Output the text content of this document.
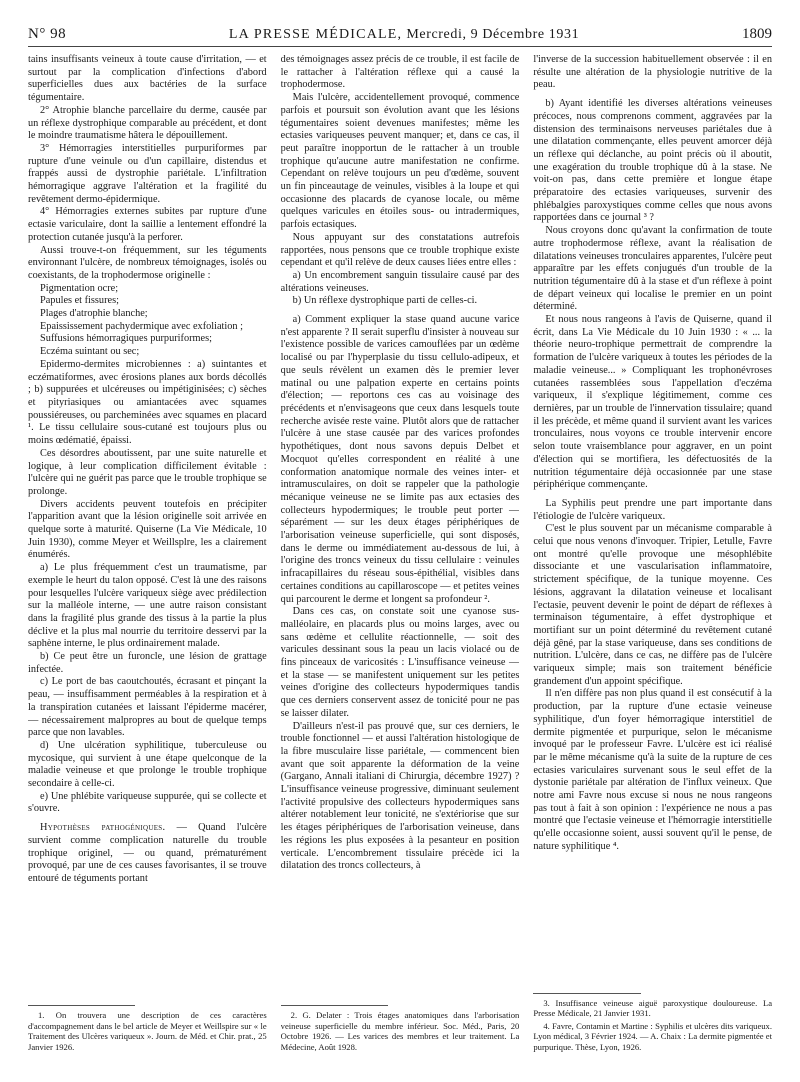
N° 98	LA PRESSE MÉDICALE, Mercredi, 9 Décembre 1931	1809

tains insuffisants veineux à toute cause d'irritation, — et surtout par la complication d'infections d'abord superficielles dues aux bactéries de la surface tégumentaire.

2° Atrophie blanche parcellaire du derme, causée par un réflexe dystrophique comparable au précédent, et dont le moindre traumatisme hâtera le dépouillement.

3° Hémorragies interstitielles purpuriformes par rupture d'une veinule ou d'un capillaire, distendus et frappés aussi de dystrophie pariétale. L'infiltration hémorragique aggrave l'altération et la fragilité du revêtement dermo-épidermique.

4° Hémorragies externes subites par rupture d'une ectasie variculaire, dont la saillie a lentement effondré la protection cutanée jusqu'à la perforer.

Aussi trouve-t-on fréquemment, sur les téguments environnant l'ulcère, de nombreux témoignages, isolés ou coexistants, de la trophodermose originelle :

Pigmentation ocre;

Papules et fissures;

Plages d'atrophie blanche;

Epaississement pachydermique avec exfoliation ;

Suffusions hémorragiques purpuriformes;

Eczéma suintant ou sec;

Epidermo-dermites microbiennes : a) suintantes et eczématiformes, avec érosions planes aux bords décollés ; b) suppurées et ulcéreuses ou impétiginisées; c) sèches et pityriasiques ou amiantacées avec squames poussiéreuses, ou parcheminées avec squames en placard ¹. Le tissu cellulaire sous-cutané est toujours plus ou moins œdématié, épaissi.

Ces désordres aboutissent, par une suite naturelle et logique, à leur complication difficilement évitable : l'ulcère qui ne guérit pas parce que le trouble trophique se prolonge.

Divers accidents peuvent toutefois en précipiter l'apparition avant que la lésion originelle soit arrivée en quelque sorte à maturité. Quiserne (La Vie Médicale, 10 Juin 1930), comme Meyer et Weillsplre, les a clairement énumérés.

a) Le plus fréquemment c'est un traumatisme, par exemple le heurt du talon opposé. C'est là une des raisons pour lesquelles l'ulcère variqueux siège avec prédilection sur la malléole interne, — une autre raison consistant dans la fragilité plus grande des tissus à la partie la plus déclive et la plus mal nourrie du territoire desservi par la saphène interne, le plus ordinairement malade.

b) Ce peut être un furoncle, une lésion de grattage infectée.

c) Le port de bas caoutchoutés, écrasant et pinçant la peau, — insuffisamment perméables à la respiration et à la transpiration cutanées et laissant l'épiderme macérer, — nécessairement malpropres au bout de quelque temps parce que non lavables.

d) Une ulcération syphilitique, tuberculeuse ou mycosique, qui survient à une étape quelconque de la maladie veineuse et que prolonge le trouble trophique secondaire à celle-ci.

e) Une phlébite variqueuse suppurée, qui se collecte et s'ouvre.

Hypothèses pathogéniques. — Quand l'ulcère survient comme complication naturelle du trouble trophique originel, — ou quand, prématurément provoqué, par une de ces causes favorisantes, il se trouve entouré de téguments portant

1. On trouvera une description de ces caractères d'accompagnement dans le bel article de Meyer et Weillspire sur « le Traitement des Ulcères variqueux ». Journ. de Méd. et Chir. prat., 25 Janvier 1926.

des témoignages assez précis de ce trouble, il est facile de le rattacher à l'altération réflexe qui a causé la trophodermose.

Mais l'ulcère, accidentellement provoqué, commence parfois et poursuit son évolution avant que les lésions tégumentaires soient devenues manifestes; même les ectasies variqueuses peuvent manquer; et, dans ce cas, il peut paraître inopportun de le rattacher à un trouble trophique qu'aucune autre manifestation ne confirme. Cependant on relève toujours un peu d'œdème, souvent un fin pinceautage de veinules, visibles à la loupe et qui occasionne des placards de cyanose locale, ou même quelques varicules en étoiles sous- ou intradermiques, parfois ectasiques.

Nous appuyant sur des constatations autrefois rapportées, nous pensons que ce trouble trophique existe cependant et qu'il relève de deux causes liées entre elles :

a) Un encombrement sanguin tissulaire causé par des altérations veineuses.

b) Un réflexe dystrophique parti de celles-ci.

a) Comment expliquer la stase quand aucune varice n'est apparente ? Il serait superflu d'insister à nouveau sur l'existence possible de varices camouflées par un œdème localisé ou par l'hyperplasie du tissu cellulo-adipeux, et que seuls révèlent un examen dès le premier lever matinal ou une palpation experte en certains points d'élection; — reportons ces cas au voisinage des précédents et n'envisageons que ceux dans lesquels toute recherche avisée reste vaine. Plutôt alors que de rattacher l'ulcère à une stase causée par des varices profondes hypothétiques, dont nous savons depuis Delbet et Mocquot qu'elles correspondent en réalité à une conformation anatomique normale des veines inter- et intramusculaires, on doit se rappeler que la pathologie mécanique veineuse ne se limite pas aux ectasies des collecteurs hypodermiques; le trouble peut porter — séparément — sur les deux étages périphériques de l'arborisation veineuse superficielle, qui sont disposés, dans le derme ou immédiatement au-dessous de lui, à l'origine des troncs veineux du tissu cellulaire : veinules infracapillaires du réseau sous-épithélial, visibles dans certaines conditions au capillaroscope — et petites veines qui parcourent le derme et longent sa profondeur ².

Dans ces cas, on constate soit une cyanose sus-malléolaire, en placards plus ou moins larges, avec ou sans œdème et cellulite réactionnelle, — soit des varicules dessinant sous la peau un lacis violacé ou de fins pinceaux de varicosités : L'insuffisance veineuse — et la stase — se manifestent uniquement sur les petites veines d'origine des collecteurs hypodermiques tandis que ces derniers conservent assez de tonicité pour ne pas se laisser dilater.

D'ailleurs n'est-il pas prouvé que, sur ces derniers, le trouble fonctionnel — et aussi l'altération histologique de la fibre musculaire lisse pariétale, — commencent bien avant que soit apparente la déformation de la veine (Gargano, Annali italiani di Chirurgia, décembre 1927) ? L'insuffisance veineuse progressive, diminuant seulement l'activité propulsive des collecteurs hypodermiques sans altérer notablement leur tonicité, ne s'extériorise que sur les étages périphériques de l'arborisation veineuse, dans les régions les plus exposées à la pesanteur en position verticale. L'encombrement tissulaire précède ici la dilatation des troncs collecteurs, à

2. G. Delater : Trois étages anatomiques dans l'arborisation veineuse superficielle du membre inférieur. Soc. Méd., Paris, 20 Octobre 1926. — Les varices des membres et leur traitement. La Médecine, Août 1928.

l'inverse de la succession habituellement observée : il en résulte une altération de la physiologie nutritive de la peau.

b) Ayant identifié les diverses altérations veineuses précoces, nous comprenons comment, aggravées par la distension des terminaisons nerveuses pariétales due à une dilatation commençante, elles peuvent amorcer déjà un réflexe qui déclanche, au point précis où il aboutit, une exagération du trouble trophique dû à la stase. Ne voit-on pas, dans cette première et longue étape préparatoire des ectasies variqueuses, survenir des phlébalgies paroxystiques comme celles que nous avons rapportées dans ce journal ³ ?

Nous croyons donc qu'avant la confirmation de toute autre trophodermose réflexe, avant la réalisation de dilatations veineuses tronculaires apparentes, l'ulcère peut apparaître par les effets conjugués d'un trouble de la nutrition tégumentaire dû à la stase et d'un réflexe à point de départ veineux qui localise le premier en un point déterminé.

Et nous nous rangeons à l'avis de Quiserne, quand il écrit, dans La Vie Médicale du 10 Juin 1930 : « ... la théorie neuro-trophique permettrait de comprendre la formation de l'ulcère variqueux à toutes les périodes de la maladie veineuse... » Compliquant les trophonévroses cutanées rassemblées sous l'appellation d'eczéma variqueux, il s'explique légitimement, comme ces dernières, par un trouble de l'innervation tissulaire; quand il les précède, et même quand il survient avant les varices tronculaires, nous voyons ce trouble intervenir encore selon toute vraisemblance pour aggraver, en un point d'élection qui se mortifiera, les défectuosités de la nutrition tégumentaire déjà occasionnée par une stase périphérique commençante.

La Syphilis peut prendre une part importante dans l'étiologie de l'ulcère variqueux.

C'est le plus souvent par un mécanisme comparable à celui que nous venons d'invoquer. Tripier, Letulle, Favre ont montré qu'elle provoque une mésophlébite dissociante et une vascularisation inflammatoire, strictement spécifique, de la tunique moyenne. Ces lésions, aggravant la dilatation veineuse et localisant l'ectasie, peuvent devenir le point de départ de réflexes à terminaison tégumentaire, à effet dystrophique et mortifiant sur un point déterminé du revêtement cutané déjà gêné, par la stase variqueuse, dans ses conditions de nutrition. L'ulcère, dans ce cas, ne diffère pas de l'ulcère variqueux simple; mais son traitement bénéficie grandement d'un appoint spécifique.

Il n'en diffère pas non plus quand il est consécutif à la production, par la rupture d'une ectasie veineuse syphilitique, d'un foyer hémorragique interstitiel de dermite pigmentée et purpurique, selon le mécanisme invoqué par le professeur Favre. L'ulcère est ici réalisé par le même mécanisme qu'à la suite de la rupture de ces ectasies variculaires survenant sous le seul effet de la dystonie pariétale par altération de l'influx veineux. Que notre ami Favre nous excuse si nous ne nous rangeons pas tout à fait à son opinion : l'expérience ne nous a pas montré que l'ectasie veineuse et l'hémorragie interstitielle qu'elle occasionne soient, aussi souvent qu'il le pense, de nature syphilitique ⁴.

3. Insuffisance veineuse aiguë paroxystique douloureuse. La Presse Médicale, 21 Janvier 1931.

4. Favre, Contamin et Martine : Syphilis et ulcères dits variqueux. Lyon médical, 3 Février 1924. — A. Chaix : La dermite pigmentée et purpurique. Thèse, Lyon, 1926.
